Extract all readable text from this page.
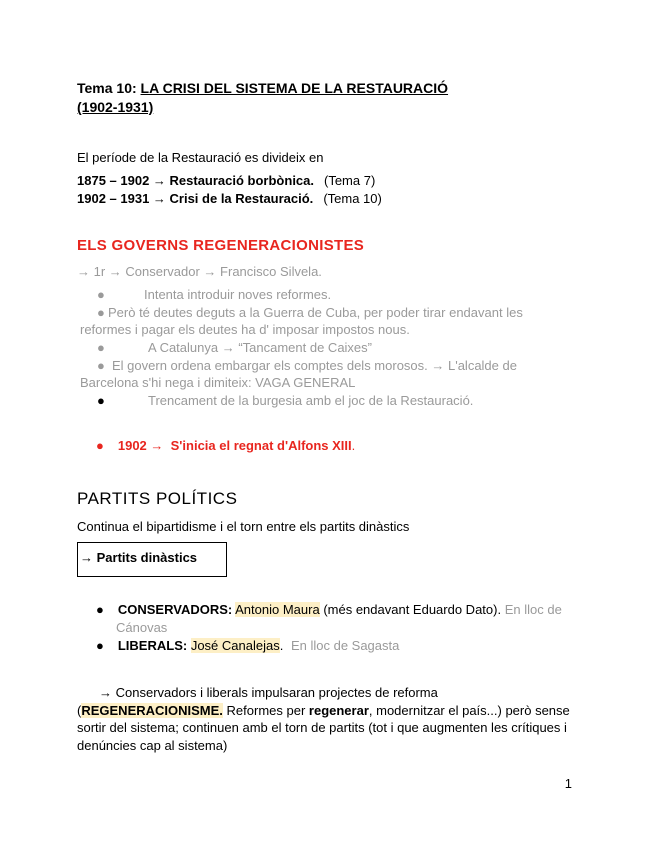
Tema 10: LA CRISI DEL SISTEMA DE LA RESTAURACIÓ
(1902-1931)
El període de la Restauració es divideix en
1875 – 1902 → Restauració borbònica. (Tema 7)
1902 – 1931 → Crisi de la Restauració. (Tema 10)
ELS GOVERNS REGENERACIONISTES
→ 1r → Conservador → Francisco Silvela.
●	Intenta introduir noves reformes.
● Però té deutes deguts a la Guerra de Cuba, per poder tirar endavant les reformes i pagar els deutes ha d' imposar impostos nous.
●	A Catalunya → “Tancament de Caixes”
● El govern ordena embargar els comptes dels morosos. → L'alcalde de Barcelona s'hi nega i dimiteix: VAGA GENERAL
●	Trencament de la burgesia amb el joc de la Restauració.
● 1902 → S'inicia el regnat d'Alfons XIII.
PARTITS POLÍTICS
Continua el bipartidisme i el torn entre els partits dinàstics
→ Partits dinàstics
● CONSERVADORS: Antonio Maura (més endavant Eduardo Dato). En lloc de
Cánovas
● LIBERALS: José Canalejas. En lloc de Sagasta
→ Conservadors i liberals impulsaran projectes de reforma
(REGENERACIONISME. Reformes per regenerar, modernitzar el país...) però sense sortir del sistema; continuen amb el torn de partits (tot i que augmenten les crítiques i denúncies cap al sistema)
1
